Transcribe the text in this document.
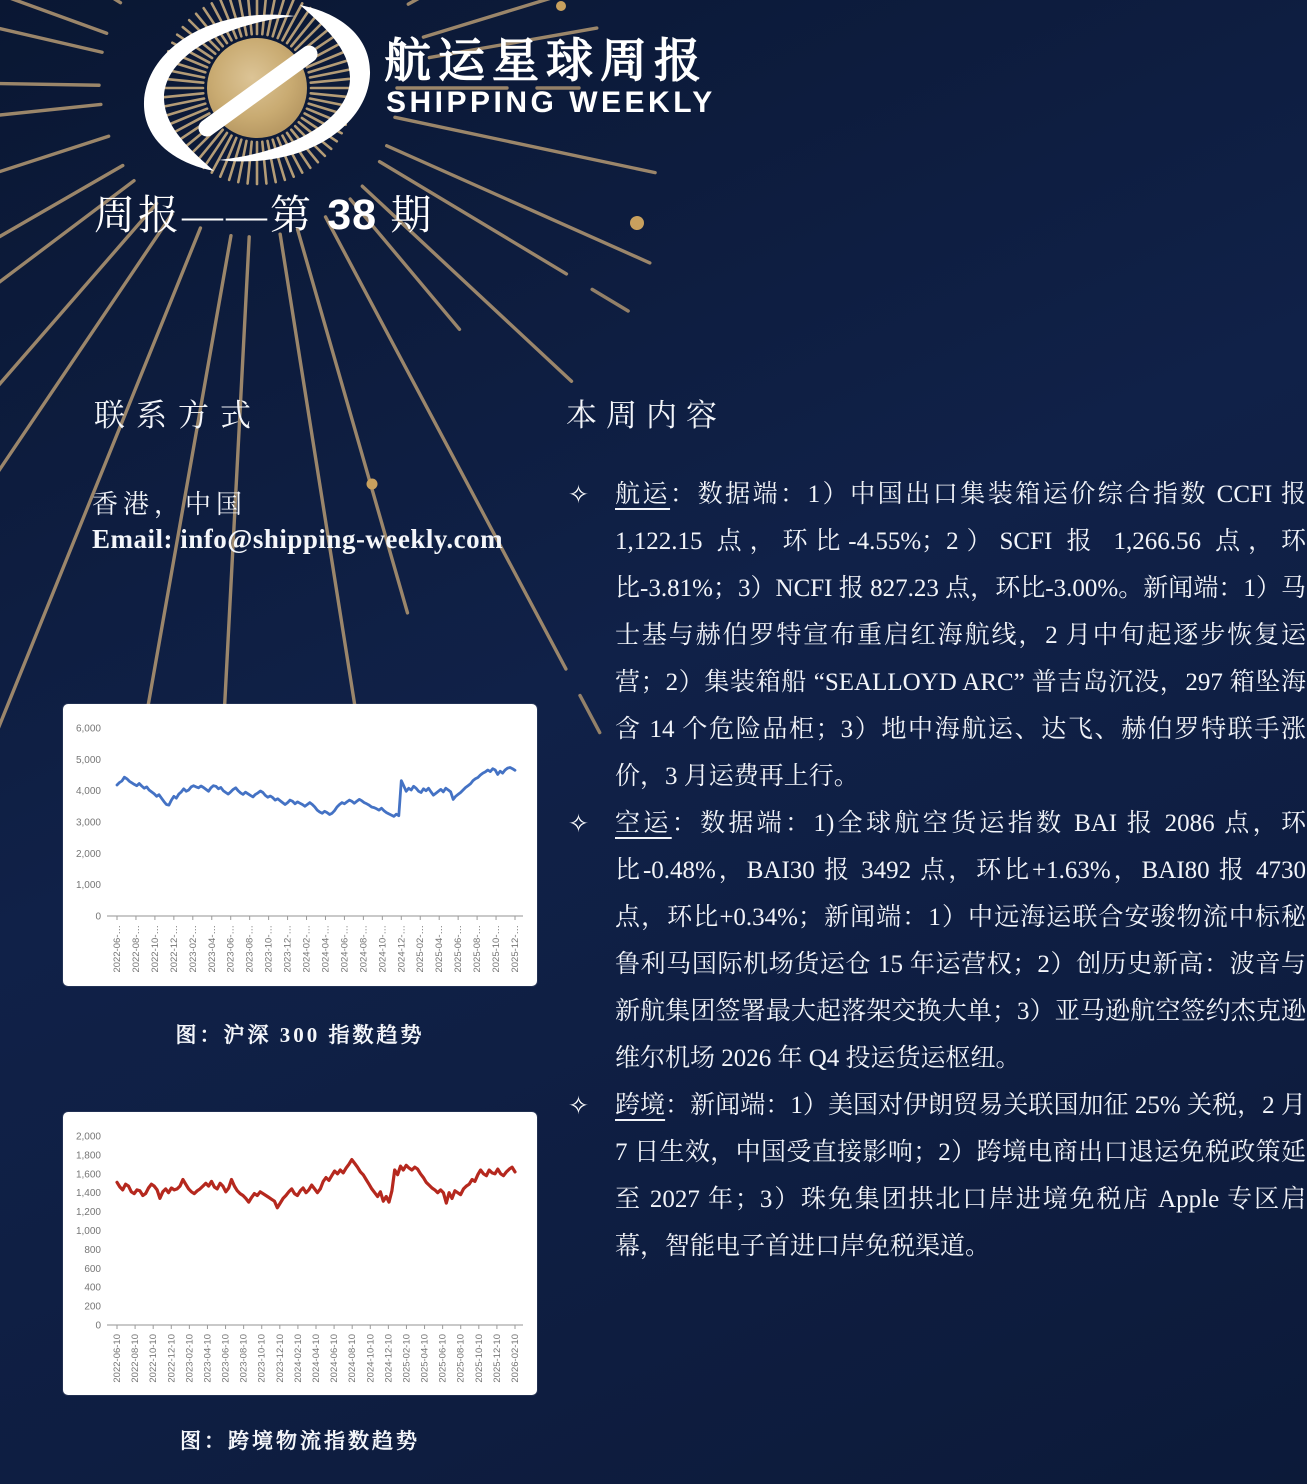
航运星球周报
SHIPPING WEEKLY
周报——第 38 期
联系方式
香港，中国
Email: info@shipping-weekly.com
0
1,000
2,000
3,000
4,000
5,000
6,000
2022-06-… 2022-08-… 2022-10-… 2022-12-… 2023-02-… 2023-04-… 2023-06-… 2023-08-… 2023-10-… 2023-12-… 2024-02-… 2024-04-… 2024-06-… 2024-08-… 2024-10-… 2024-12-… 2025-02-… 2025-04-… 2025-06-… 2025-08-… 2025-10-… 2025-12-…
图：沪深 300 指数趋势
0
200
400
600
800
1,000
1,200
1,400
1,600
1,800
2,000
2022-06-10 2022-08-10 2022-10-10 2022-12-10 2023-02-10 2023-04-10 2023-06-10 2023-08-10 2023-10-10 2023-12-10 2024-02-10 2024-04-10 2024-06-10 2024-08-10 2024-10-10 2024-12-10 2025-02-10 2025-04-10 2025-06-10 2025-08-10 2025-10-10 2025-12-10 2026-02-10
图：跨境物流指数趋势
本周内容
✧ 航运：数据端：1）中国出口集装箱运价综合指数 CCFI 报 1,122.15 点，环比-4.55%；2）SCFI 报 1,266.56 点，环比-3.81%；3）NCFI 报 827.23 点，环比-3.00%。新闻端：1）马士基与赫伯罗特宣布重启红海航线，2 月中旬起逐步恢复运营；2）集装箱船 “SEALLOYD ARC” 普吉岛沉没，297 箱坠海含 14 个危险品柜；3）地中海航运、达飞、赫伯罗特联手涨价，3 月运费再上行。
✧ 空运：数据端：1)全球航空货运指数 BAI 报 2086 点，环比-0.48%，BAI30 报 3492 点，环比+1.63%，BAI80 报 4730 点，环比+0.34%；新闻端：1）中远海运联合安骏物流中标秘鲁利马国际机场货运仓 15 年运营权；2）创历史新高：波音与新航集团签署最大起落架交换大单；3）亚马逊航空签约杰克逊维尔机场 2026 年 Q4 投运货运枢纽。
✧ 跨境：新闻端：1）美国对伊朗贸易关联国加征 25% 关税，2 月 7 日生效，中国受直接影响；2）跨境电商出口退运免税政策延至 2027 年；3）珠免集团拱北口岸进境免税店 Apple 专区启幕，智能电子首进口岸免税渠道。
